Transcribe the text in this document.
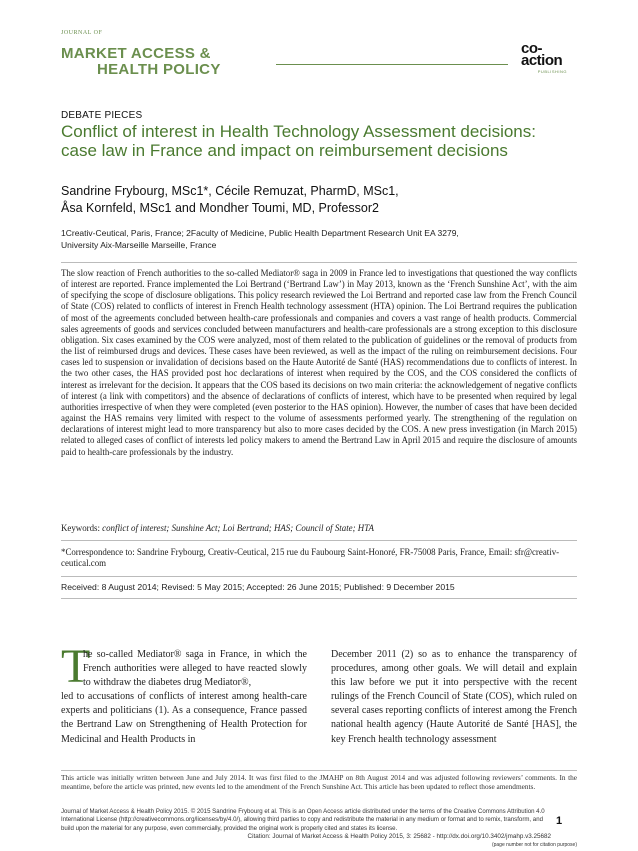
JOURNAL OF
MARKET ACCESS &
HEALTH POLICY
co-
action
PUBLISHING
DEBATE PIECES
Conflict of interest in Health Technology Assessment decisions: case law in France and impact on reimbursement decisions
Sandrine Frybourg, MSc1*, Cécile Remuzat, PharmD, MSc1,
Åsa Kornfeld, MSc1 and Mondher Toumi, MD, Professor2
1Creativ-Ceutical, Paris, France; 2Faculty of Medicine, Public Health Department Research Unit EA 3279,
University Aix-Marseille Marseille, France
The slow reaction of French authorities to the so-called Mediator® saga in 2009 in France led to investigations that questioned the way conflicts of interest are reported. France implemented the Loi Bertrand (‘Bertrand Law’) in May 2013, known as the ‘French Sunshine Act’, with the aim of specifying the scope of disclosure obligations. This policy research reviewed the Loi Bertrand and reported case law from the French Council of State (COS) related to conflicts of interest in French Health technology assessment (HTA) opinion. The Loi Bertrand requires the publication of most of the agreements concluded between health-care professionals and companies and covers a vast range of health products. Commercial sales agreements of goods and services concluded between manufacturers and health-care professionals are a strong exception to this disclosure obligation. Six cases examined by the COS were analyzed, most of them related to the publication of guidelines or the removal of products from the list of reimbursed drugs and devices. These cases have been reviewed, as well as the impact of the ruling on reimbursement decisions. Four cases led to suspension or invalidation of decisions based on the Haute Autorité de Santé (HAS) recommendations due to conflicts of interest. In the two other cases, the HAS provided post hoc declarations of interest when required by the COS, and the COS considered the conflicts of interest as irrelevant for the decision. It appears that the COS based its decisions on two main criteria: the acknowledgement of negative conflicts of interest (a link with competitors) and the absence of declarations of conflicts of interest, which have to be presented when required by legal authorities irrespective of when they were completed (even posterior to the HAS opinion). However, the number of cases that have been decided against the HAS remains very limited with respect to the volume of assessments performed yearly. The strengthening of the regulation on declarations of interest might lead to more transparency but also to more cases decided by the COS. A new press investigation (in March 2015) related to alleged cases of conflict of interests led policy makers to amend the Bertrand Law in April 2015 and require the disclosure of amounts paid to health-care professionals by the industry.
Keywords: conflict of interest; Sunshine Act; Loi Bertrand; HAS; Council of State; HTA
*Correspondence to: Sandrine Frybourg, Creativ-Ceutical, 215 rue du Faubourg Saint-Honoré, FR-75008 Paris, France, Email: sfr@creativ-ceutical.com
Received: 8 August 2014; Revised: 5 May 2015; Accepted: 26 June 2015; Published: 9 December 2015
T
he so-called Mediator® saga in France, in which the French authorities were alleged to have reacted slowly to withdraw the diabetes drug Mediator®,
led to accusations of conflicts of interest among health-care experts and politicians (1). As a consequence, France passed the Bertrand Law on Strengthening of Health Protection for Medicinal and Health Products in
December 2011 (2) so as to enhance the transparency of procedures, among other goals. We will detail and explain this law before we put it into perspective with the recent rulings of the French Council of State (COS), which ruled on several cases reporting conflicts of interest among the French national health agency (Haute Autorité de Santé [HAS], the key French health technology assessment
This article was initially written between June and July 2014. It was first filed to the JMAHP on 8th August 2014 and was adjusted following reviewers’ comments. In the meantime, before the article was printed, new events led to the amendment of the French Sunshine Act. This article has been updated to reflect those amendments.
Journal of Market Access & Health Policy 2015. © 2015 Sandrine Frybourg et al. This is an Open Access article distributed under the terms of the Creative Commons Attribution 4.0 International License (http://creativecommons.org/licenses/by/4.0/), allowing third parties to copy and redistribute the material in any medium or format and to remix, transform, and build upon the material for any purpose, even commercially, provided the original work is properly cited and states its license.
1
Citation: Journal of Market Access & Health Policy 2015, 3: 25682 - http://dx.doi.org/10.3402/jmahp.v3.25682
(page number not for citation purpose)
